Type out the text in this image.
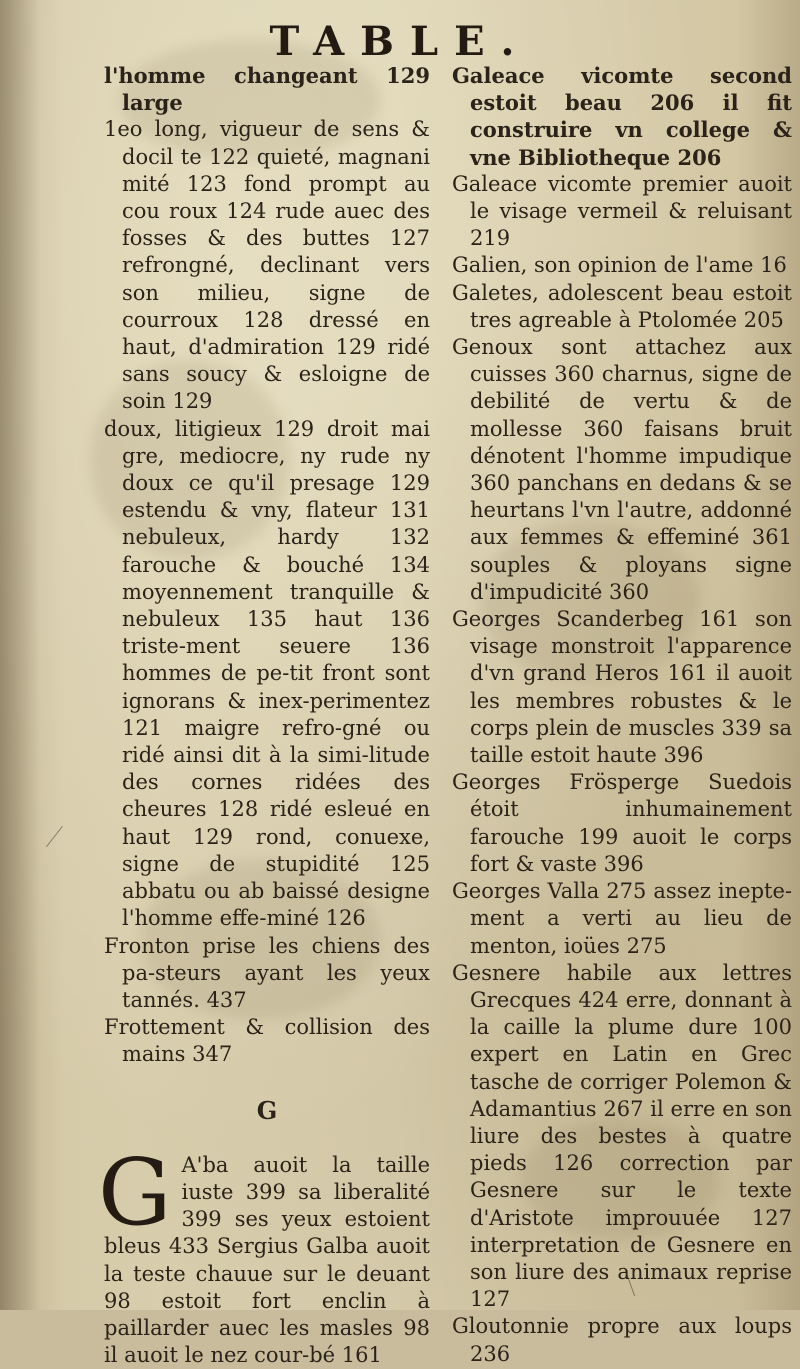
TABLE.

l'homme changeant 129 large

1eo long, vigueur de sens & docil te 122 quieté, magnani mité 123 fond prompt au cou roux 124 rude auec des fosses & des buttes 127 refrongné, declinant vers son milieu, signe de courroux 128 dressé en haut, d'admiration 129 ridé sans soucy & esloigne de soin 129

doux, litigieux 129 droit mai gre, mediocre, ny rude ny doux ce qu'il presage 129 estendu & vny, flateur 131 nebuleux, hardy 132 farouche & bouché 134 moyennement tranquille & nebuleux 135 haut 136 triste-ment seuere 136 hommes de pe-tit front sont ignorans & inex-perimentez 121 maigre refro-gné ou ridé ainsi dit à la simi-litude des cornes ridées des cheures 128 ridé esleué en haut 129 rond, conuexe, signe de stupidité 125 abbatu ou ab baissé designe l'homme effe-miné 126

Fronton prise les chiens des pa-steurs ayant les yeux tannés. 437

Frottement & collision des mains 347

G

G A'ba auoit la taille iuste 399 sa liberalité 399 ses yeux estoient bleus 433 Sergius Galba auoit la teste chauue sur le deuant 98 estoit fort enclin à paillarder auec les masles 98 il auoit le nez cour-bé 161

Galeace vicomte second estoit beau 206 il fit construire vn college & vne Bibliotheque 206

Galeace vicomte premier auoit le visage vermeil & reluisant 219

Galien, son opinion de l'ame 16

Galetes, adolescent beau estoit tres agreable à Ptolomée 205

Genoux sont attachez aux cuisses 360 charnus, signe de debilité de vertu & de mollesse 360 faisans bruit dénotent l'homme impudique 360 panchans en dedans & se heurtans l'vn l'autre, addonné aux femmes & effeminé 361 souples & ployans signe d'impudicité 360

Georges Scanderbeg 161 son visage monstroit l'apparence d'vn grand Heros 161 il auoit les membres robustes & le corps plein de muscles 339 sa taille estoit haute 396

Georges Frösperge Suedois étoit inhumainement farouche 199 auoit le corps fort & vaste 396

Georges Valla 275 assez inepte-ment a verti au lieu de menton, ioües 275

Gesnere habile aux lettres Grecques 424 erre, donnant à la caille la plume dure 100 expert en Latin en Grec tasche de corriger Polemon & Adamantius 267 il erre en son liure des bestes à quatre pieds 126 correction par Gesnere sur le texte d'Aristote improuuée 127 interpretation de Gesnere en son liure des animaux reprise 127

Gloutonnie propre aux loups 236
